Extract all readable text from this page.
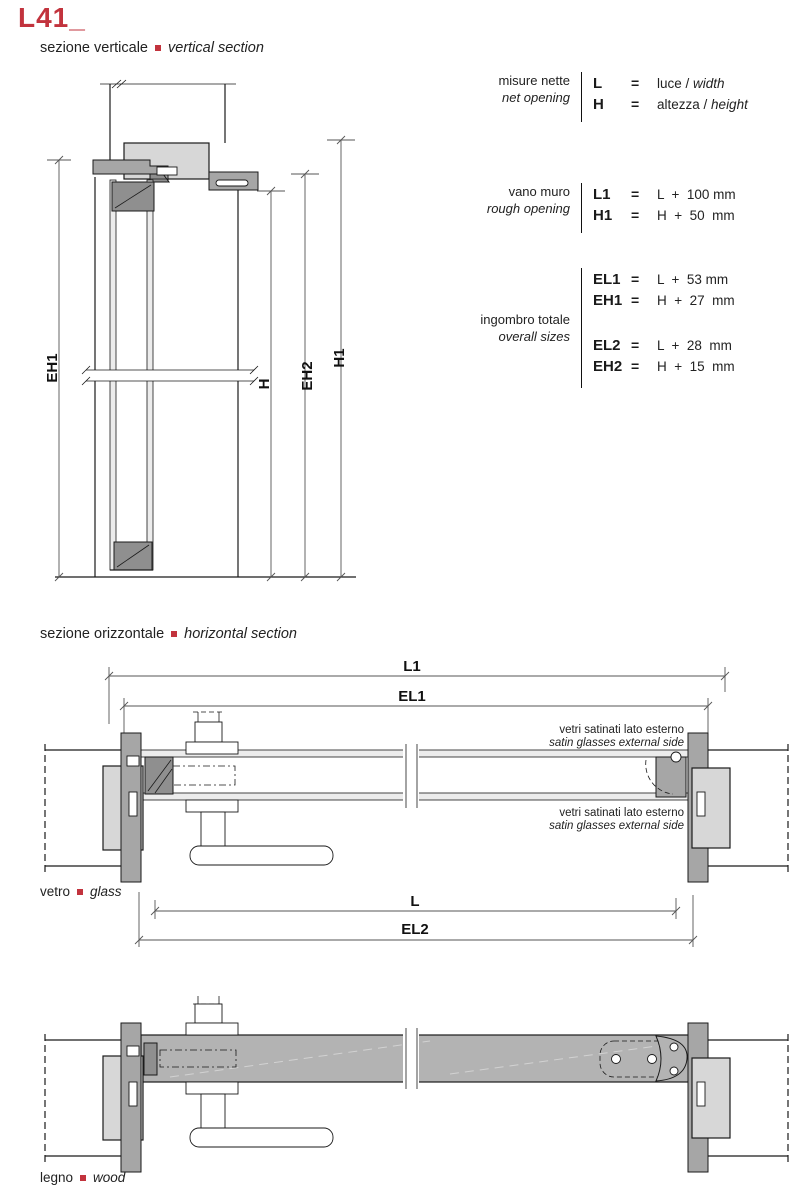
L41_
sezione verticale vertical section
misure nette
net opening
L	=	luce / width
H	=	altezza / height
vano muro
rough opening
L1	=	L  +  100 mm
H1	=	H  +  50  mm
ingombro totale
overall sizes
EL1 =	L  +  53 mm
EH1 =	H  +  27  mm
EL2 =	L  +  28  mm
EH2 =	H  +  15  mm
EH1
H EH2
H1
sezione orizzontale horizontal section
L1
EL1
vetri satinati lato esterno
satin glasses external side
vetri satinati lato esterno
satin glasses external side
L
EL2
vetro glass
legno wood
